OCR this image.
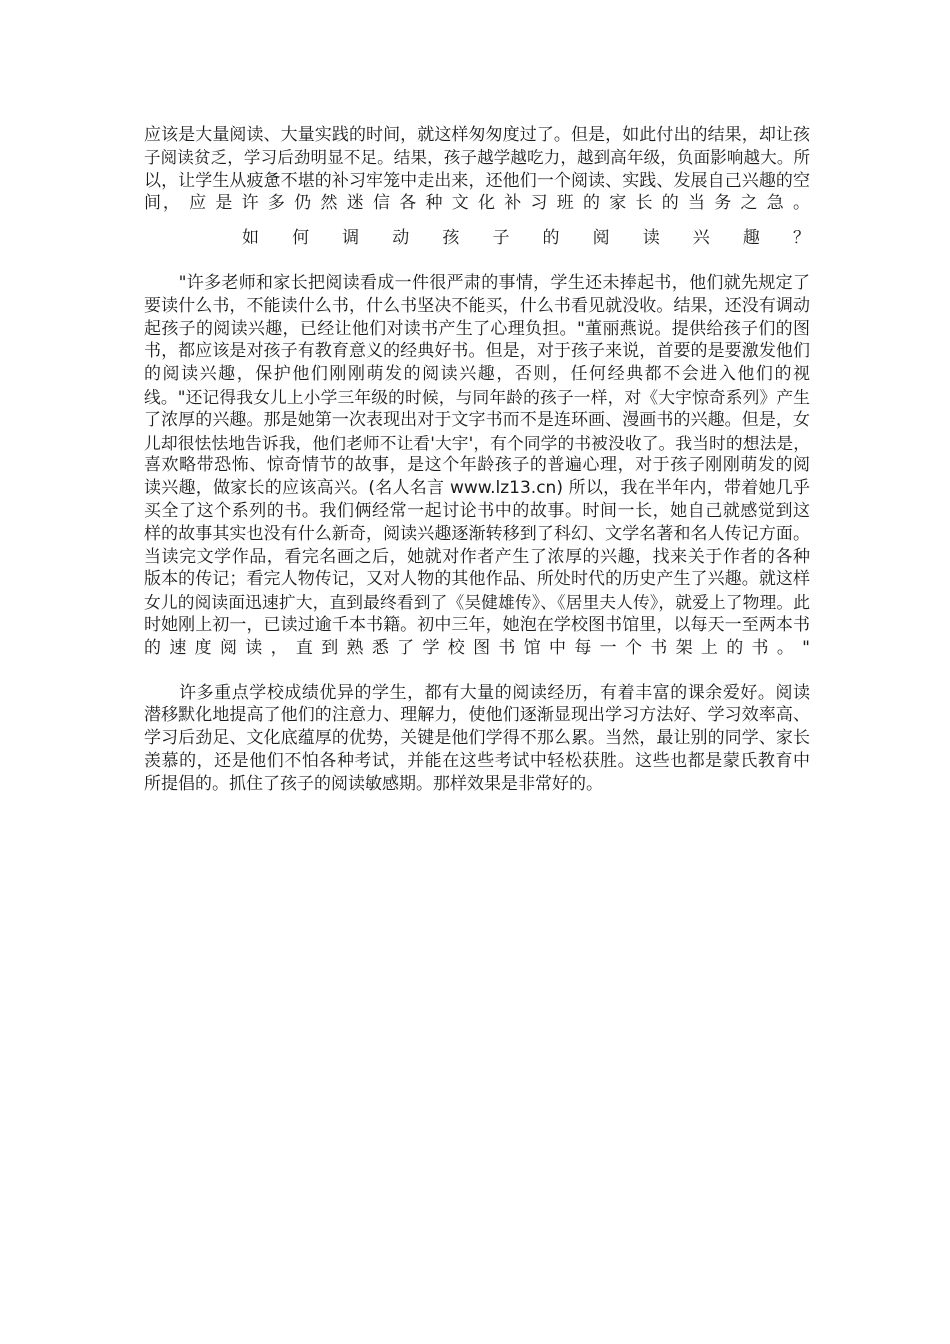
应该是大量阅读、大量实践的时间，就这样匆匆度过了。但是，如此付出的结果，却让孩
子阅读贫乏，学习后劲明显不足。结果，孩子越学越吃力，越到高年级，负面影响越大。所
以，让学生从疲惫不堪的补习牢笼中走出来，还他们一个阅读、实践、发展自己兴趣的空
间， 应 是 许 多 仍 然 迷 信 各 种 文 化 补 习 班 的 家 长 的 当 务 之 急 。
如 何 调 动 孩 子 的 阅 读 兴 趣 ？
　　"许多老师和家长把阅读看成一件很严肃的事情，学生还未捧起书，他们就先规定了
要读什么书，不能读什么书，什么书坚决不能买，什么书看见就没收。结果，还没有调动
起孩子的阅读兴趣，已经让他们对读书产生了心理负担。"董丽燕说。提供给孩子们的图
书，都应该是对孩子有教育意义的经典好书。但是，对于孩子来说，首要的是要激发他们
的阅读兴趣，保护他们刚刚萌发的阅读兴趣，否则，任何经典都不会进入他们的视
线。"还记得我女儿上小学三年级的时候，与同年龄的孩子一样，对《大宇惊奇系列》产生
了浓厚的兴趣。那是她第一次表现出对于文字书而不是连环画、漫画书的兴趣。但是，女
儿却很怯怯地告诉我，他们老师不让看'大宇'，有个同学的书被没收了。我当时的想法是，
喜欢略带恐怖、惊奇情节的故事，是这个年龄孩子的普遍心理，对于孩子刚刚萌发的阅
读兴趣，做家长的应该高兴。(名人名言 www.lz13.cn) 所以，我在半年内，带着她几乎
买全了这个系列的书。我们俩经常一起讨论书中的故事。时间一长，她自己就感觉到这
样的故事其实也没有什么新奇，阅读兴趣逐渐转移到了科幻、文学名著和名人传记方面。
当读完文学作品，看完名画之后，她就对作者产生了浓厚的兴趣，找来关于作者的各种
版本的传记；看完人物传记，又对人物的其他作品、所处时代的历史产生了兴趣。就这样
女儿的阅读面迅速扩大，直到最终看到了《吴健雄传》、《居里夫人传》，就爱上了物理。此
时她刚上初一，已读过逾千本书籍。初中三年，她泡在学校图书馆里，以每天一至两本书
的 速 度 阅 读 ， 直 到 熟 悉 了 学 校 图 书 馆 中 每 一 个 书 架 上 的 书 。 "
　　许多重点学校成绩优异的学生，都有大量的阅读经历，有着丰富的课余爱好。阅读
潜移默化地提高了他们的注意力、理解力，使他们逐渐显现出学习方法好、学习效率高、
学习后劲足、文化底蕴厚的优势，关键是他们学得不那么累。当然，最让别的同学、家长
羡慕的，还是他们不怕各种考试，并能在这些考试中轻松获胜。这些也都是蒙氏教育中
所提倡的。抓住了孩子的阅读敏感期。那样效果是非常好的。
